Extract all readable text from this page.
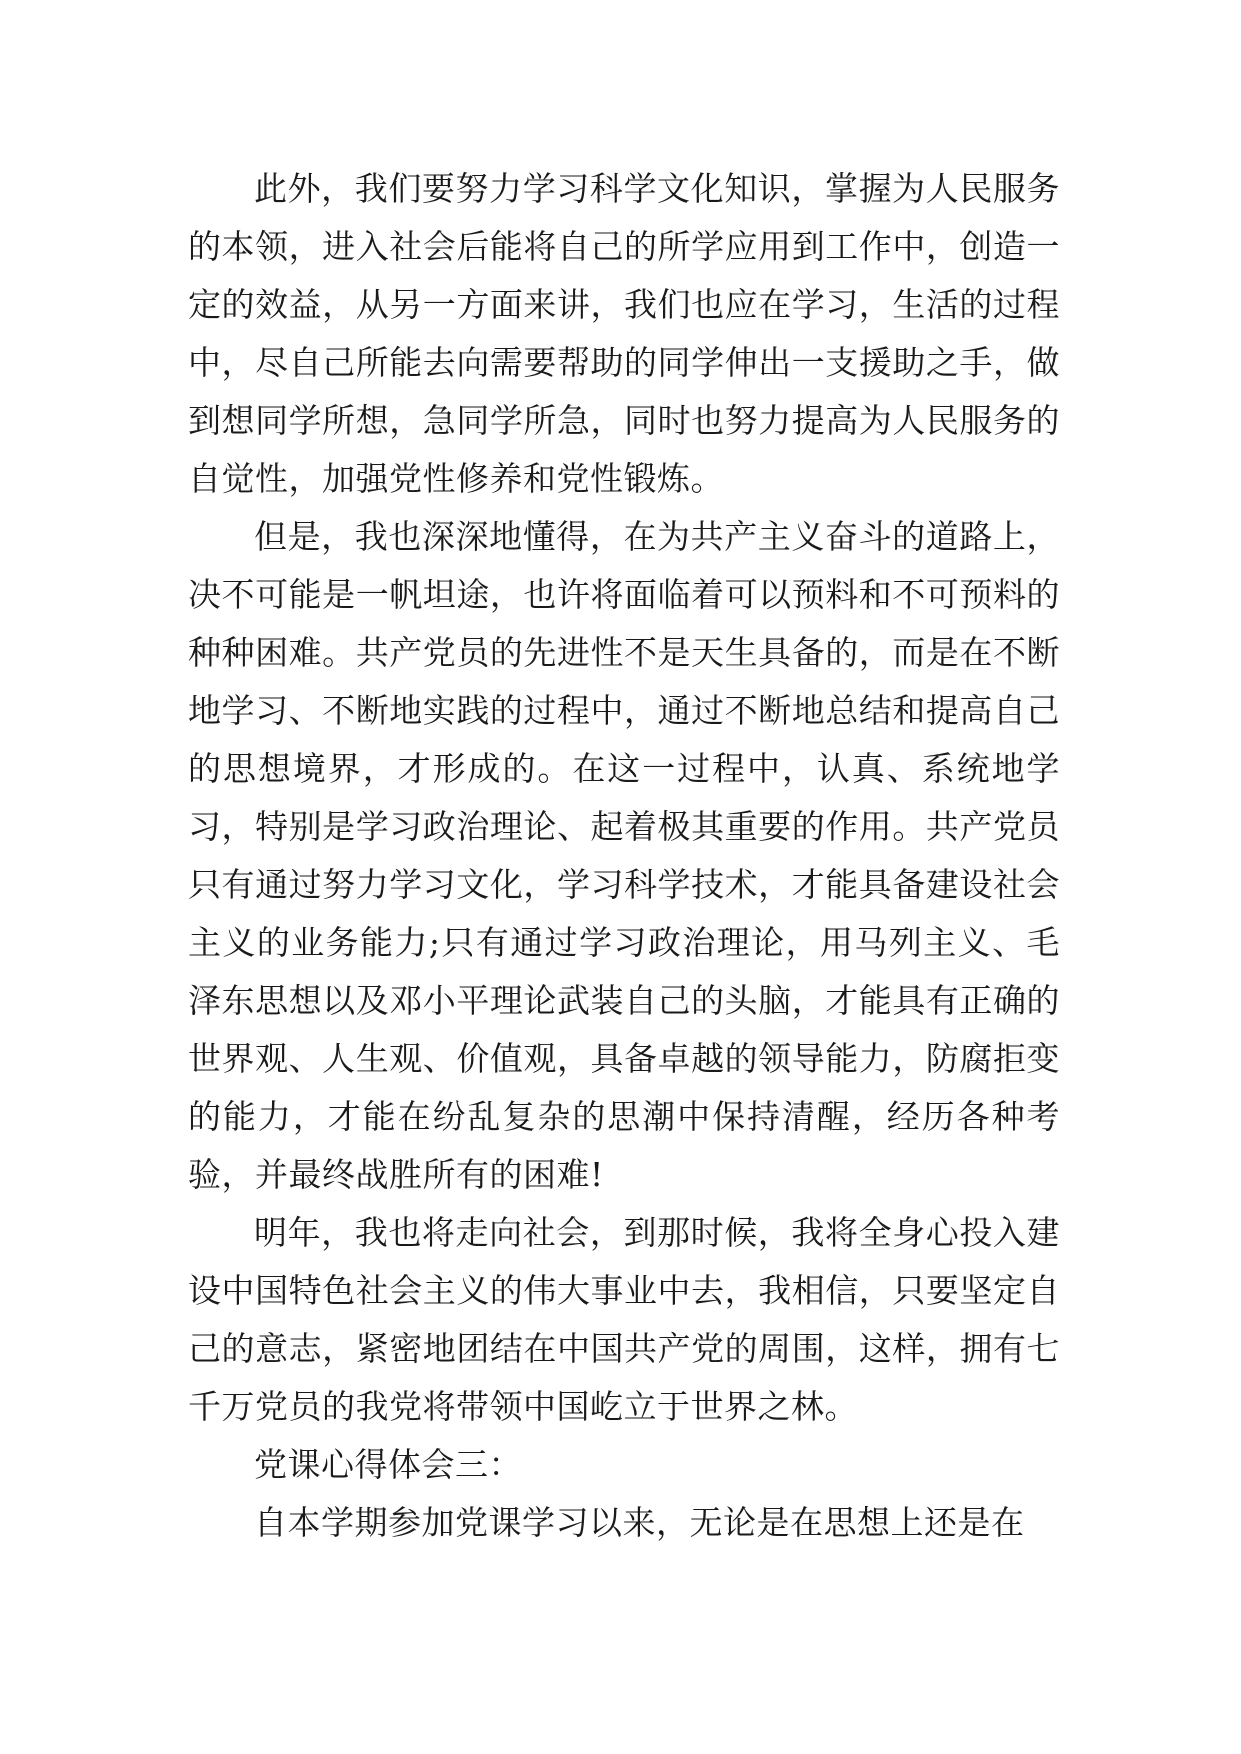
此外，我们要努力学习科学文化知识，掌握为人民服务的本领，进入社会后能将自己的所学应用到工作中，创造一定的效益，从另一方面来讲，我们也应在学习，生活的过程中，尽自己所能去向需要帮助的同学伸出一支援助之手，做到想同学所想，急同学所急，同时也努力提高为人民服务的自觉性，加强党性修养和党性锻炼。

但是，我也深深地懂得，在为共产主义奋斗的道路上，决不可能是一帆坦途，也许将面临着可以预料和不可预料的种种困难。共产党员的先进性不是天生具备的，而是在不断地学习、不断地实践的过程中，通过不断地总结和提高自己的思想境界，才形成的。在这一过程中，认真、系统地学习，特别是学习政治理论、起着极其重要的作用。共产党员只有通过努力学习文化，学习科学技术，才能具备建设社会主义的业务能力;只有通过学习政治理论，用马列主义、毛泽东思想以及邓小平理论武装自己的头脑，才能具有正确的世界观、人生观、价值观，具备卓越的领导能力，防腐拒变的能力，才能在纷乱复杂的思潮中保持清醒，经历各种考验，并最终战胜所有的困难!

明年，我也将走向社会，到那时候，我将全身心投入建设中国特色社会主义的伟大事业中去，我相信，只要坚定自己的意志，紧密地团结在中国共产党的周围，这样，拥有七千万党员的我党将带领中国屹立于世界之林。

党课心得体会三：

自本学期参加党课学习以来，无论是在思想上还是在
